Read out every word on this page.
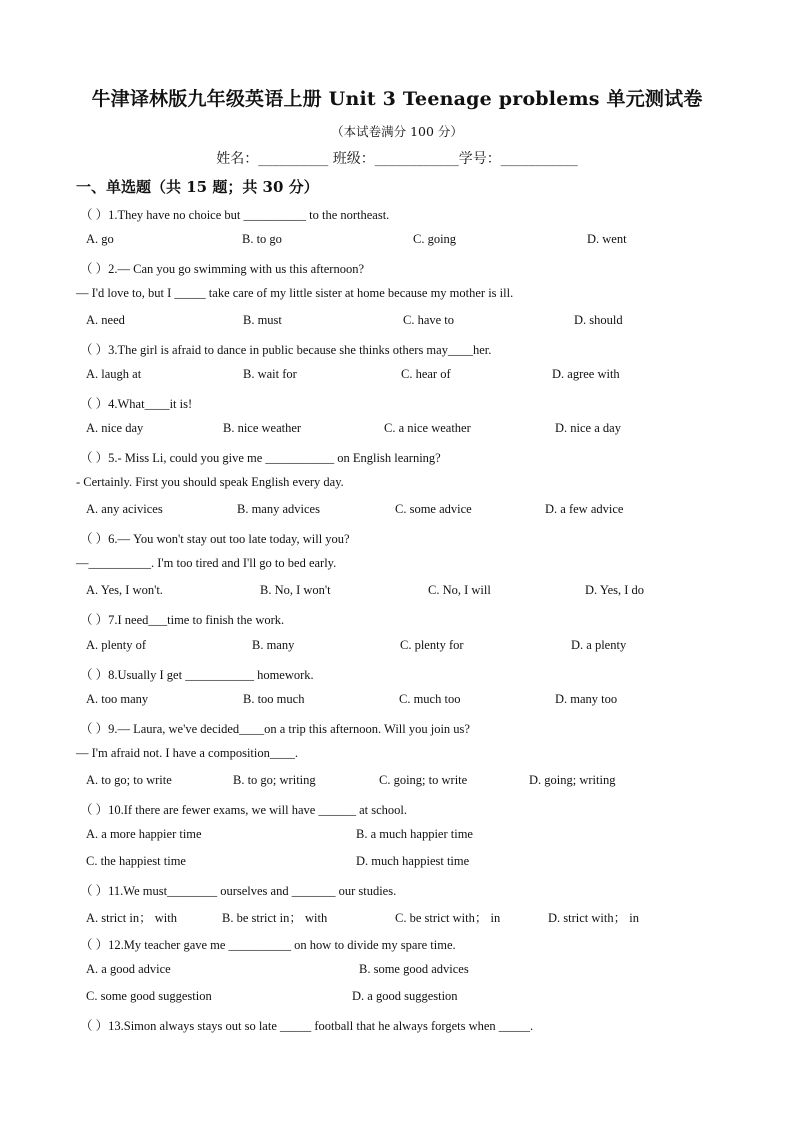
牛津译林版九年级英语上册 Unit 3 Teenage problems 单元测试卷
（本试卷满分 100 分）
姓名：__________ 班级：____________学号：___________
一、单选题（共 15 题；共 30 分）
（ ）1.They have no choice but __________ to the northeast.
A. go	B. to go	C. going	D. went
（ ）2.— Can you go swimming with us this afternoon?
— I'd love to, but I _____ take care of my little sister at home because my mother is ill.
A. need	B. must	C. have to	D. should
（ ）3.The girl is afraid to dance in public because she thinks others may____her.
A. laugh at	B. wait for	C. hear of	D. agree with
（ ）4.What____it is!
A. nice day	B. nice weather	C. a nice weather	D. nice a day
（ ）5.- Miss Li, could you give me ___________ on English learning?
- Certainly. First you should speak English every day.
A. any acivices	B. many advices	C. some advice	D. a few advice
（ ）6.— You won't stay out too late today, will you?
—__________. I'm too tired and I'll go to bed early.
A. Yes, I won't.	B. No, I won't	C. No, I will	D. Yes, I do
（ ）7.I need___time to finish the work.
A. plenty of	B. many	C. plenty for	D. a plenty
（ ）8.Usually I get ___________ homework.
A. too many	B. too much	C. much too	D. many too
（ ）9.— Laura, we've decided____on a trip this afternoon. Will you join us?
— I'm afraid not. I have a composition____.
A. to go; to write	B. to go; writing	C. going; to write	D. going; writing
（ ）10.If there are fewer exams, we will have ______ at school.
A. a more happier time	B. a much happier time
C. the happiest time	D. much happiest time
（ ）11.We must________ ourselves and _______ our studies.
A. strict in； with	B. be strict in； with	C. be strict with； in	D. strict with； in
（ ）12.My teacher gave me __________ on how to divide my spare time.
A. a good advice	B. some good advices
C. some good suggestion	D. a good suggestion
（ ）13.Simon always stays out so late _____ football that he always forgets when _____.
